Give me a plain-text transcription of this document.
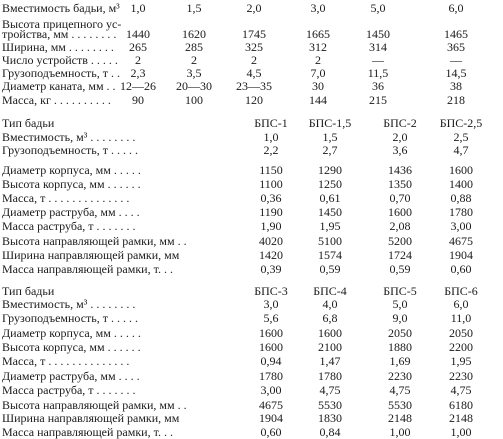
Вместимость бадьи, м³ 1,0	1,5	2,0	3,0	5,0	6,0
Высота прицепного ус-
тройства, мм . . . . . . . . 1440	1620	1745	1665	1450	1465
Ширина, мм . . . . . . . .	265	285	325	312	314	365
Число устройств . . . . .	2	2	2	2	—	—
Грузоподъемность, т . . 2,3	3,5	4,5	7,0	11,5	14,5
Диаметр каната, мм . . 12—26	20—30	23—35	30	36	38
Масса, кг . . . . . . . . . .	90	100	120	144	215	218
Тип бадьи	БПС-1	БПС-1,5	БПС-2	БПС-2,5
Вместимость, м³ . . . . . . . .	1,0	1,5	2,0	2,5
Грузоподъемность, т . . . . .	2,2	2,7	3,6	4,7
Диаметр корпуса, мм . . . . .	1150	1290	1436	1600
Высота корпуса, мм . . . . . .	1100	1250	1350	1400
Масса, т . . . . . . . . . . . . . .	0,36	0,61	0,70	0,88
Диаметр раструба, мм . . . .	1190	1450	1600	1780
Масса раструба, т . . . . . . .	1,90	1,95	2,08	3,00
Высота направляющей рамки, мм . .	4020	5100	5200	4675
Ширина направляющей рамки, мм	1420	1574	1724	1904
Масса направляющей рамки, т. . .	0,39	0,59	0,59	0,60
Тип бадьи	БПС-3	БПС-4	БПС-5	БПС-6
Вместимость, м³ . . . . . . . .	3,0	4,0	5,0	6,0
Грузоподъемность, т . . . . .	5,6	6,8	9,0	11,0
Диаметр корпуса, мм . . . . .	1600	1600	2050	2050
Высота корпуса, мм . . . . . .	1600	2100	1880	2200
Масса, т . . . . . . . . . . . . . .	0,94	1,47	1,69	1,95
Диаметр раструба, мм . . . .	1780	1780	2230	2230
Масса раструба, т . . . . . . .	3,00	4,75	4,75	4,75
Высота направляющей рамки, мм . .	4675	5530	5530	6180
Ширина направляющей рамки, мм	1904	1830	2148	2148
Масса направляющей рамки, т. . .	0,60	0,84	1,00	1,00
